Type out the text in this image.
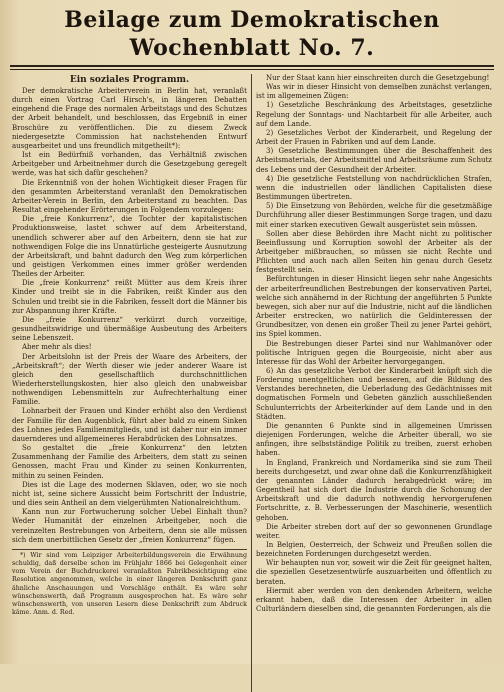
Beilage zum Demokratischen Wochenblatt No. 7.

Ein soziales Programm.

Der demokratische Arbeiterverein in Berlin hat, veranlaßt durch einen Vortrag Carl Hirsch's, in längeren Debatten eingehend die Frage des normalen Arbeitstags und des Schutzes der Arbeit behandelt, und beschlossen, das Ergebniß in einer Broschüre zu veröffentlichen. Die zu diesem Zweck niedergesetzte Commission hat nachstehenden Entwurf ausgearbeitet und uns freundlich mitgetheilt*):

Ist ein Bedürfniß vorhanden, das Verhältniß zwischen Arbeitgeber und Arbeitnehmer durch die Gesetzgebung geregelt werde, was hat sich dafür geschehen?

Die Erkenntniß von der hohen Wichtigkeit dieser Fragen für den gesammten Arbeiterstand veranlaßt den Demokratischen Arbeiter-Verein in Berlin, den Arbeiterstand zu beachten. Das Resultat eingehender Erörterungen in Folgendem vorzulegen:

Die „freie Konkurrenz“, die Tochter der kapitalistischen Produktionsweise, lastet schwer auf dem Arbeiterstand, unendlich schwerer aber auf den Arbeitern, denn sie hat zur nothwendigen Folge die ins Unnatürliche gesteigerte Ausnutzung der Arbeitskraft, und bahnt dadurch den Weg zum körperlichen und geistigen Verkommen eines immer größer werdenden Theiles der Arbeiter.

Die „freie Konkurrenz“ reißt Mütter aus dem Kreis ihrer Kinder und treibt sie in die Fabriken, reißt Kinder aus den Schulen und treibt sie in die Fabriken, fesselt dort die Männer bis zur Abspannung ihrer Kräfte.

Die „freie Konkurrenz“ verkürzt durch vorzeitige, gesundheitswidrige und übermäßige Ausbeutung des Arbeiters seine Lebenszeit.

Aber mehr als dies!

Der Arbeitslohn ist der Preis der Waare des Arbeiters, der „Arbeitskraft“; der Werth dieser wie jeder anderer Waare ist gleich den gesellschaftlich durchschnittlichen Wiederherstellungskosten, hier also gleich den unabweisbar nothwendigen Lebensmitteln zur Aufrechterhaltung einer Familie.

Lohnarbeit der Frauen und Kinder erhöht also den Verdienst der Familie für den Augenblick, führt aber bald zu einem Sinken des Lohnes jedes Familienmitglieds, und ist daher nur ein immer dauernderes und allgemeineres Herabdrücken des Lohnsatzes.

So gestaltet die „freie Konkurrenz“ den letzten Zusammenhang der Familie des Arbeiters, dem statt zu seinen Genossen, macht Frau und Kinder zu seinen Konkurrenten, mithin zu seinen Feinden.

Dies ist die Lage des modernen Sklaven, oder, wo sie noch nicht ist, seine sichere Aussicht beim Fortschritt der Industrie, und dies sein Antheil an dem vielgerühmten Nationalreichthum.

Kann nun zur Fortwucherung solcher Uebel Einhalt thun? Weder Humanität der einzelnen Arbeitgeber, noch die vereinzelten Bestrebungen von Arbeitern, denn sie alle müssen sich dem unerbittlichen Gesetz der „freien Konkurrenz“ fügen.

*) Wir sind vom Leipziger Arbeiterbildungsverein die Erwähnung schuldig, daß derselbe schon im Frühjahr 1866 bei Gelegenheit einer vom Verein der Buchdruckerei veranlaßten Fabrikbesichtigung eine Resolution angenommen, welche in einer längeren Denkschrift ganz ähnliche Anschauungen und Vorschläge enthält. Es wäre sehr wünschenswerth, daß Programm ausgesprochen hat. Es wäre sehr wünschenswerth, von unseren Lesern diese Denkschrift zum Abdruck käme. Anm. d. Red.

Nur der Staat kann hier einschreiten durch die Gesetzgebung!

Was wir in dieser Hinsicht von demselben zunächst verlangen, ist im allgemeinen Zügen:

1) Gesetzliche Beschränkung des Arbeitstages, gesetzliche Regelung der Sonntags- und Nachtarbeit für alle Arbeiter, auch auf dem Lande.

2) Gesetzliches Verbot der Kinderarbeit, und Regelung der Arbeit der Frauen in Fabriken und auf dem Lande.

3) Gesetzliche Bestimmungen über die Beschaffenheit des Arbeitsmaterials, der Arbeitsmittel und Arbeitsräume zum Schutz des Lebens und der Gesundheit der Arbeiter.

4) Die gesetzliche Feststellung von nachdrücklichen Strafen, wenn die industriellen oder ländlichen Capitalisten diese Bestimmungen übertreten.

5) Die Einsetzung von Behörden, welche für die gesetzmäßige Durchführung aller dieser Bestimmungen Sorge tragen, und dazu mit einer starken executiven Gewalt ausgerüstet sein müssen.

Sollen aber diese Behörden ihre Macht nicht zu politischer Beeinflussung und Korruption sowohl der Arbeiter als der Arbeitgeber mißbrauchen, so müssen sie nicht Rechte und Pflichten und auch nach allen Seiten hin genau durch Gesetz festgestellt sein.

Befürchtungen in dieser Hinsicht liegen sehr nahe Angesichts der arbeiterfreundlichen Bestrebungen der konservativen Partei, welche sich annähernd in der Richtung der angeführten 5 Punkte bewegen, sich aber nur auf die Industrie, nicht auf die ländlichen Arbeiter erstrecken, wo natürlich die Geldinteressen der Grundbesitzer, von denen ein großer Theil zu jener Partei gehört, ins Spiel kommen.

Die Bestrebungen dieser Partei sind nur Wahlmanöver oder politische Intriguen gegen die Bourgeoisie, nicht aber aus Interesse für das Wohl der Arbeiter hervorgegangen.

6) An das gesetzliche Verbot der Kinderarbeit knüpft sich die Forderung unentgeltlichen und besseren, auf die Bildung des Verstandes berechneten, die Ueberladung des Gedächtnisses mit dogmatischen Formeln und Gebeten gänzlich ausschließenden Schulunterrichts der Arbeiterkinder auf dem Lande und in den Städten.

Die genannten 6 Punkte sind in allgemeinen Umrissen diejenigen Forderungen, welche die Arbeiter überall, wo sie anfingen, ihre selbstständige Politik zu treiben, zuerst erhoben haben.

In England, Frankreich und Nordamerika sind sie zum Theil bereits durchgesetzt, und zwar ohne daß die Konkurrenzfähigkeit der genannten Länder dadurch herabgedrückt wäre; im Gegentheil hat sich dort die Industrie durch die Schonung der Arbeitskraft und die dadurch nothwendig hervorgerufenen Fortschritte, z. B. Verbesserungen der Maschinerie, wesentlich gehoben.

Die Arbeiter streben dort auf der so gewonnenen Grundlage weiter.

In Belgien, Oesterreich, der Schweiz und Preußen sollen die bezeichneten Forderungen durchgesetzt werden.

Wir behaupten nun vor, soweit wir die Zeit für geeignet halten, die speziellen Gesetzesentwürfe auszuarbeiten und öffentlich zu beraten.

Hiermit aber werden von den denkenden Arbeitern, welche erkannt haben, daß die Interessen der Arbeiter in allen Culturländern dieselben sind, die genannten Forderungen, als die
